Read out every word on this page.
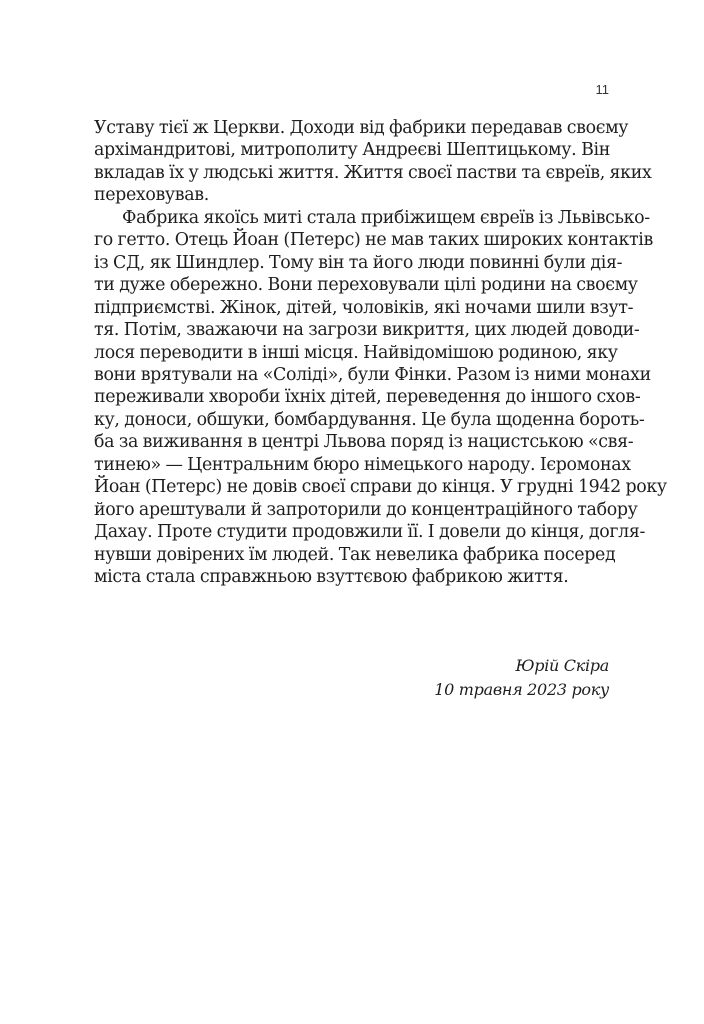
11
Уставу тієї ж Церкви. Доходи від фабрики передавав своєму
архімандритові, митрополиту Андреєві Шептицькому. Він
вкладав їх у людські життя. Життя своєї пастви та євреїв, яких
переховував.
Фабрика якоїсь миті стала прибіжищем євреїв із Львівсько-
го гетто. Отець Йоан (Петерс) не мав таких широких контактів
із СД, як Шиндлер. Тому він та його люди повинні були дія-
ти дуже обережно. Вони переховували цілі родини на своєму
підприємстві. Жінок, дітей, чоловіків, які ночами шили взут-
тя. Потім, зважаючи на загрози викриття, цих людей доводи-
лося переводити в інші місця. Найвідомішою родиною, яку
вони врятували на «Соліді», були Фінки. Разом із ними монахи
переживали хвороби їхніх дітей, переведення до іншого схов-
ку, доноси, обшуки, бомбардування. Це була щоденна бороть-
ба за виживання в центрі Львова поряд із нацистською «свя-
тинею» — Центральним бюро німецького народу. Ієромонах
Йоан (Петерс) не довів своєї справи до кінця. У грудні 1942 року
його арештували й запроторили до концентраційного табору
Дахау. Проте студити продовжили її. І довели до кінця, догля-
нувши довірених їм людей. Так невелика фабрика посеред
міста стала справжньою взуттєвою фабрикою життя.
Юрій Скіра
10 травня 2023 року
